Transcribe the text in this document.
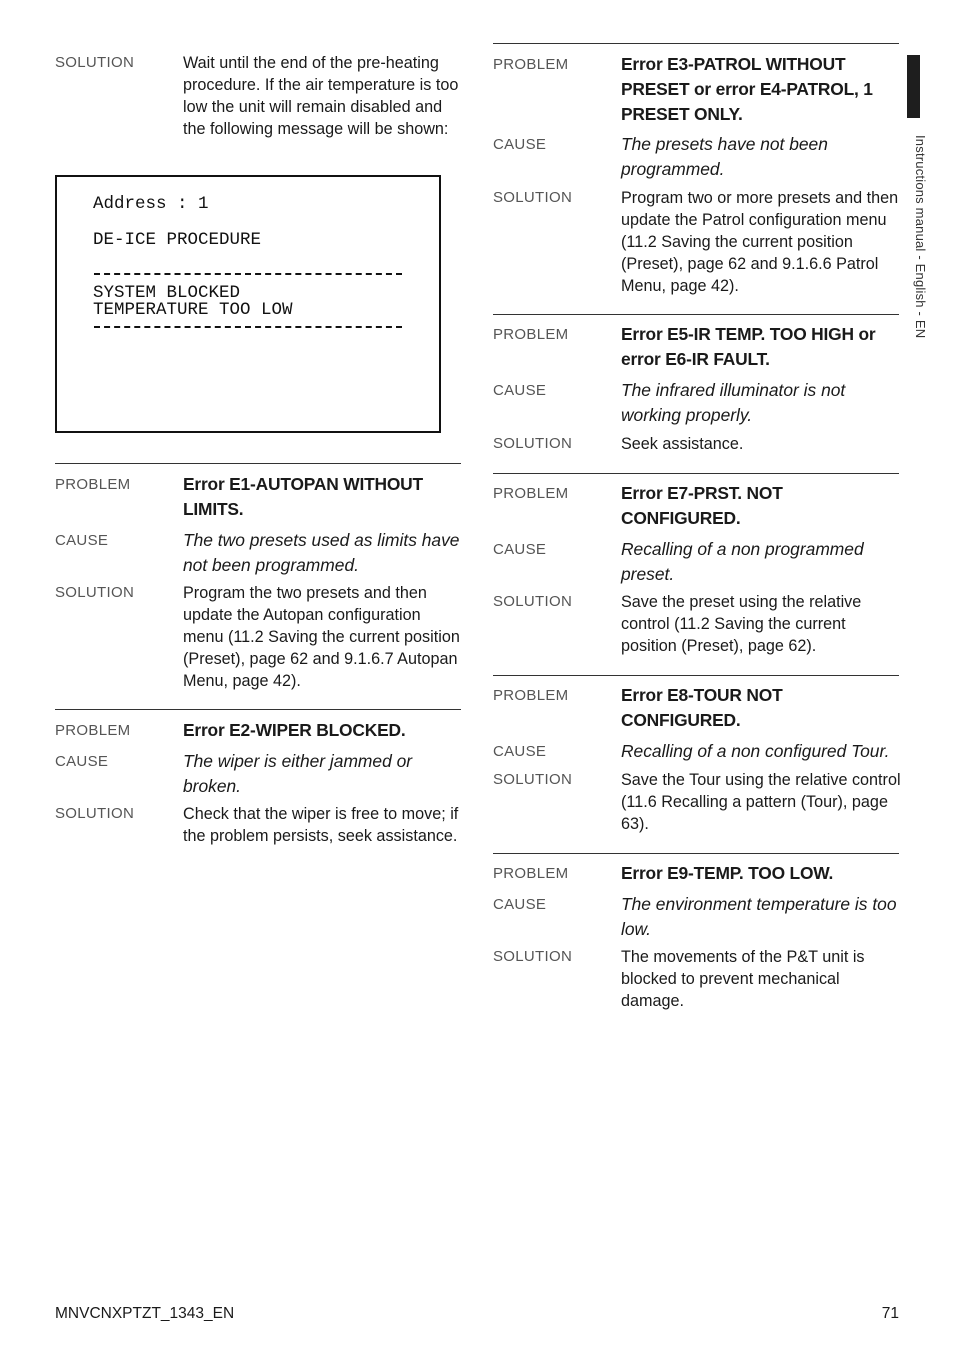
SOLUTION	Wait until the end of the pre-heating procedure. If the air temperature is too low the unit will remain disabled and the following message will be shown:
PROBLEM	Error E1-AUTOPAN WITHOUT LIMITS.
CAUSE	The two presets used as limits have not been programmed.
SOLUTION	Program the two presets and then update the Autopan configuration menu (11.2 Saving the current position (Preset), page 62 and 9.1.6.7 Autopan Menu, page 42).
PROBLEM	Error E2-WIPER BLOCKED.
CAUSE	The wiper is either jammed or broken.
SOLUTION	Check that the wiper is free to move; if the problem persists, seek assistance.
Address : 1
DE-ICE PROCEDURE
SYSTEM BLOCKED
TEMPERATURE TOO LOW
PROBLEM	Error E3-PATROL WITHOUT PRESET or error E4-PATROL, 1 PRESET ONLY.
CAUSE	The presets have not been programmed.
SOLUTION	Program two or more presets and then update the Patrol configuration menu (11.2 Saving the current position (Preset), page 62 and 9.1.6.6 Patrol Menu, page 42).
PROBLEM	Error E5-IR TEMP. TOO HIGH or error E6-IR FAULT.
CAUSE	The infrared illuminator is not working properly.
SOLUTION	Seek assistance.
PROBLEM	Error E7-PRST. NOT CONFIGURED.
CAUSE	Recalling of a non programmed preset.
SOLUTION	Save the preset using the relative control (11.2 Saving the current position (Preset), page 62).
PROBLEM	Error E8-TOUR NOT CONFIGURED.
CAUSE	Recalling of a non configured Tour.
SOLUTION	Save the Tour using the relative control (11.6 Recalling a pattern (Tour), page 63).
PROBLEM	Error E9-TEMP. TOO LOW.
CAUSE	The environment temperature is too low.
SOLUTION	The movements of the P&T unit is blocked to prevent mechanical damage.
Instructions manual - English - EN
MNVCNXPTZT_1343_EN	71
